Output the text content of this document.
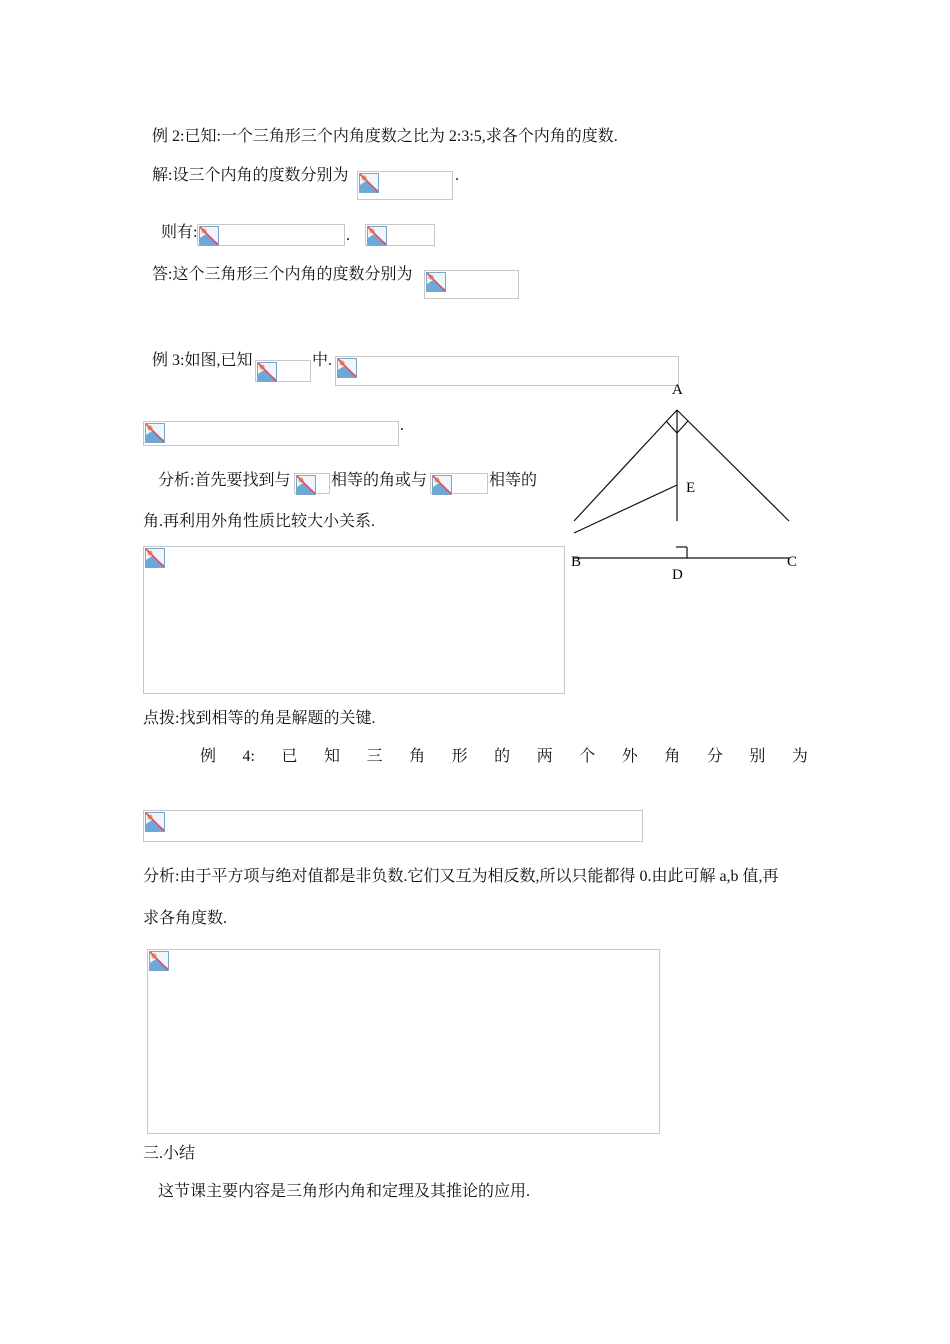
例 2:已知:一个三角形三个内角度数之比为 2:3:5,求各个内角的度数.
解:设三个内角的度数分别为	.
则有:	.
答:这个三角形三个内角的度数分别为
例 3:如图,已知	中.
.
分析:首先要找到与	相等的角或与	相等的
角.再利用外角性质比较大小关系.
A
E
B	C
D
点拨:找到相等的角是解题的关键.
例 4: 已 知 三 角 形 的 两 个 外 角 分 别 为
分析:由于平方项与绝对值都是非负数.它们又互为相反数,所以只能都得 0.由此可解 a,b 值,再
求各角度数.
三.小结
这节课主要内容是三角形内角和定理及其推论的应用.
